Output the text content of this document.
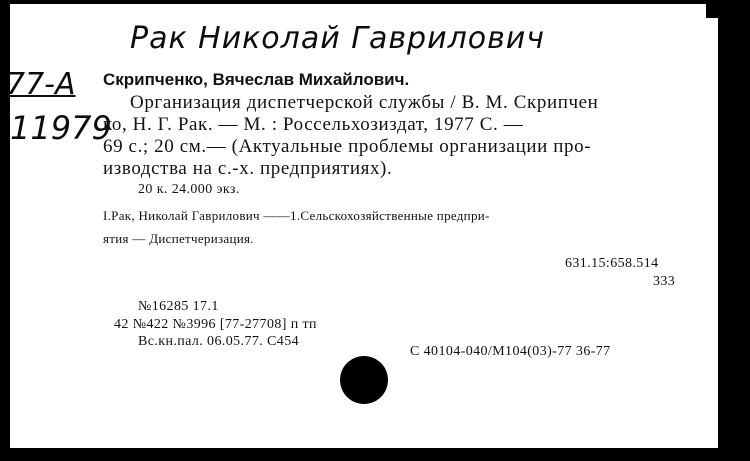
Рак Николай Гаврилович
77-А
11979
Скрипченко, Вячеслав Михайлович.
Организация диспетчерской службы / В. М. Скрипчен
ко, Н. Г. Рак. — М. : Россельхозиздат, 1977 С. —
69 с.; 20 см.— (Актуальные проблемы организации про-
изводства на с.-х. предприятиях).
20 к. 24.000 экз.
I.Рак, Николай Гаврилович ——1.Сельскохозяйственные предпри-
ятия — Диспетчеризация.
631.15:658.514
333
№16285 17.1
42 №422 №3996 [77-27708] п тп
Вс.кн.пал. 06.05.77. С454
С 40104-040/М104(03)-77 36-77
